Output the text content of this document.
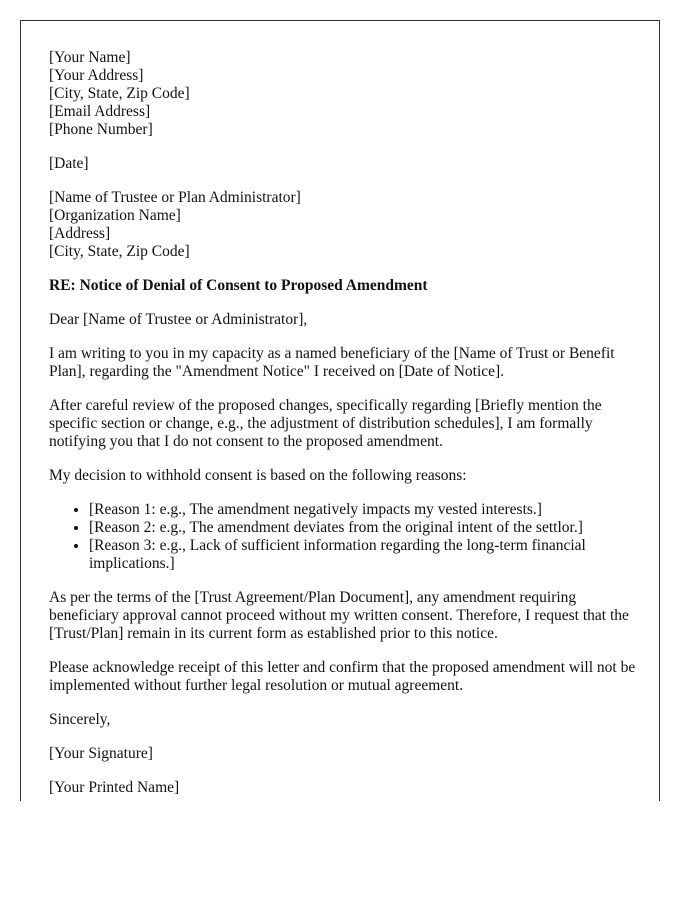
[Your Name]
[Your Address]
[City, State, Zip Code]
[Email Address]
[Phone Number]
[Date]
[Name of Trustee or Plan Administrator]
[Organization Name]
[Address]
[City, State, Zip Code]

RE: Notice of Denial of Consent to Proposed Amendment

Dear [Name of Trustee or Administrator],

I am writing to you in my capacity as a named beneficiary of the [Name of Trust or Benefit Plan], regarding the "Amendment Notice" I received on [Date of Notice].

After careful review of the proposed changes, specifically regarding [Briefly mention the specific section or change, e.g., the adjustment of distribution schedules], I am formally notifying you that I do not consent to the proposed amendment.

My decision to withhold consent is based on the following reasons:

• [Reason 1: e.g., The amendment negatively impacts my vested interests.]
• [Reason 2: e.g., The amendment deviates from the original intent of the settlor.]
• [Reason 3: e.g., Lack of sufficient information regarding the long-term financial implications.]

As per the terms of the [Trust Agreement/Plan Document], any amendment requiring beneficiary approval cannot proceed without my written consent. Therefore, I request that the [Trust/Plan] remain in its current form as established prior to this notice.

Please acknowledge receipt of this letter and confirm that the proposed amendment will not be implemented without further legal resolution or mutual agreement.

Sincerely,

[Your Signature]

[Your Printed Name]
